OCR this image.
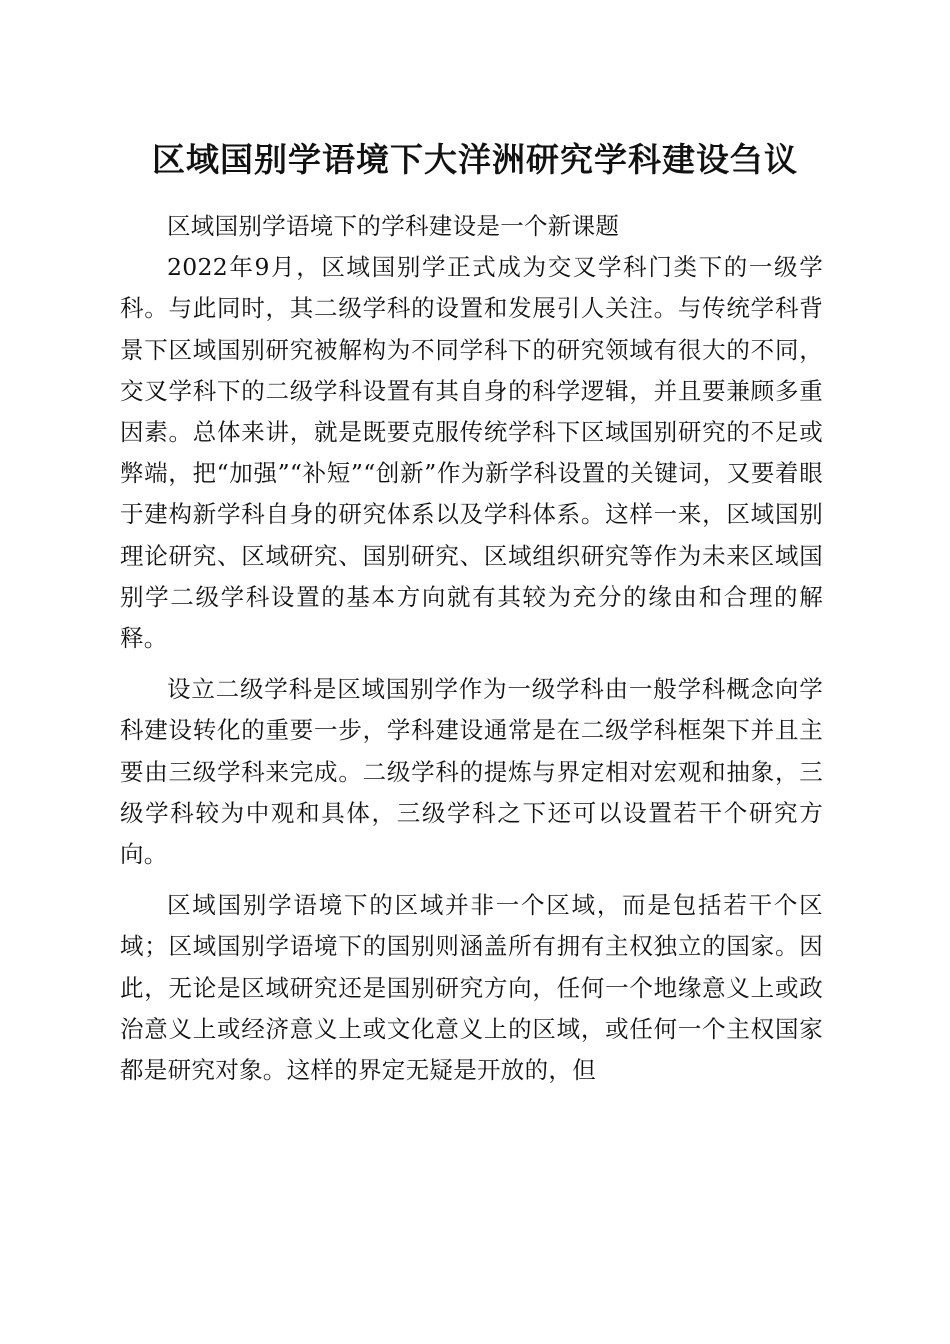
区域国别学语境下大洋洲研究学科建设刍议

区域国别学语境下的学科建设是一个新课题

2022年9月，区域国别学正式成为交叉学科门类下的一级学科。与此同时，其二级学科的设置和发展引人关注。与传统学科背景下区域国别研究被解构为不同学科下的研究领域有很大的不同，交叉学科下的二级学科设置有其自身的科学逻辑，并且要兼顾多重因素。总体来讲，就是既要克服传统学科下区域国别研究的不足或弊端，把“加强”“补短”“创新”作为新学科设置的关键词，又要着眼于建构新学科自身的研究体系以及学科体系。这样一来，区域国别理论研究、区域研究、国别研究、区域组织研究等作为未来区域国别学二级学科设置的基本方向就有其较为充分的缘由和合理的解释。

设立二级学科是区域国别学作为一级学科由一般学科概念向学科建设转化的重要一步，学科建设通常是在二级学科框架下并且主要由三级学科来完成。二级学科的提炼与界定相对宏观和抽象，三级学科较为中观和具体，三级学科之下还可以设置若干个研究方向。

区域国别学语境下的区域并非一个区域，而是包括若干个区域；区域国别学语境下的国别则涵盖所有拥有主权独立的国家。因此，无论是区域研究还是国别研究方向，任何一个地缘意义上或政治意义上或经济意义上或文化意义上的区域，或任何一个主权国家都是研究对象。这样的界定无疑是开放的，但
